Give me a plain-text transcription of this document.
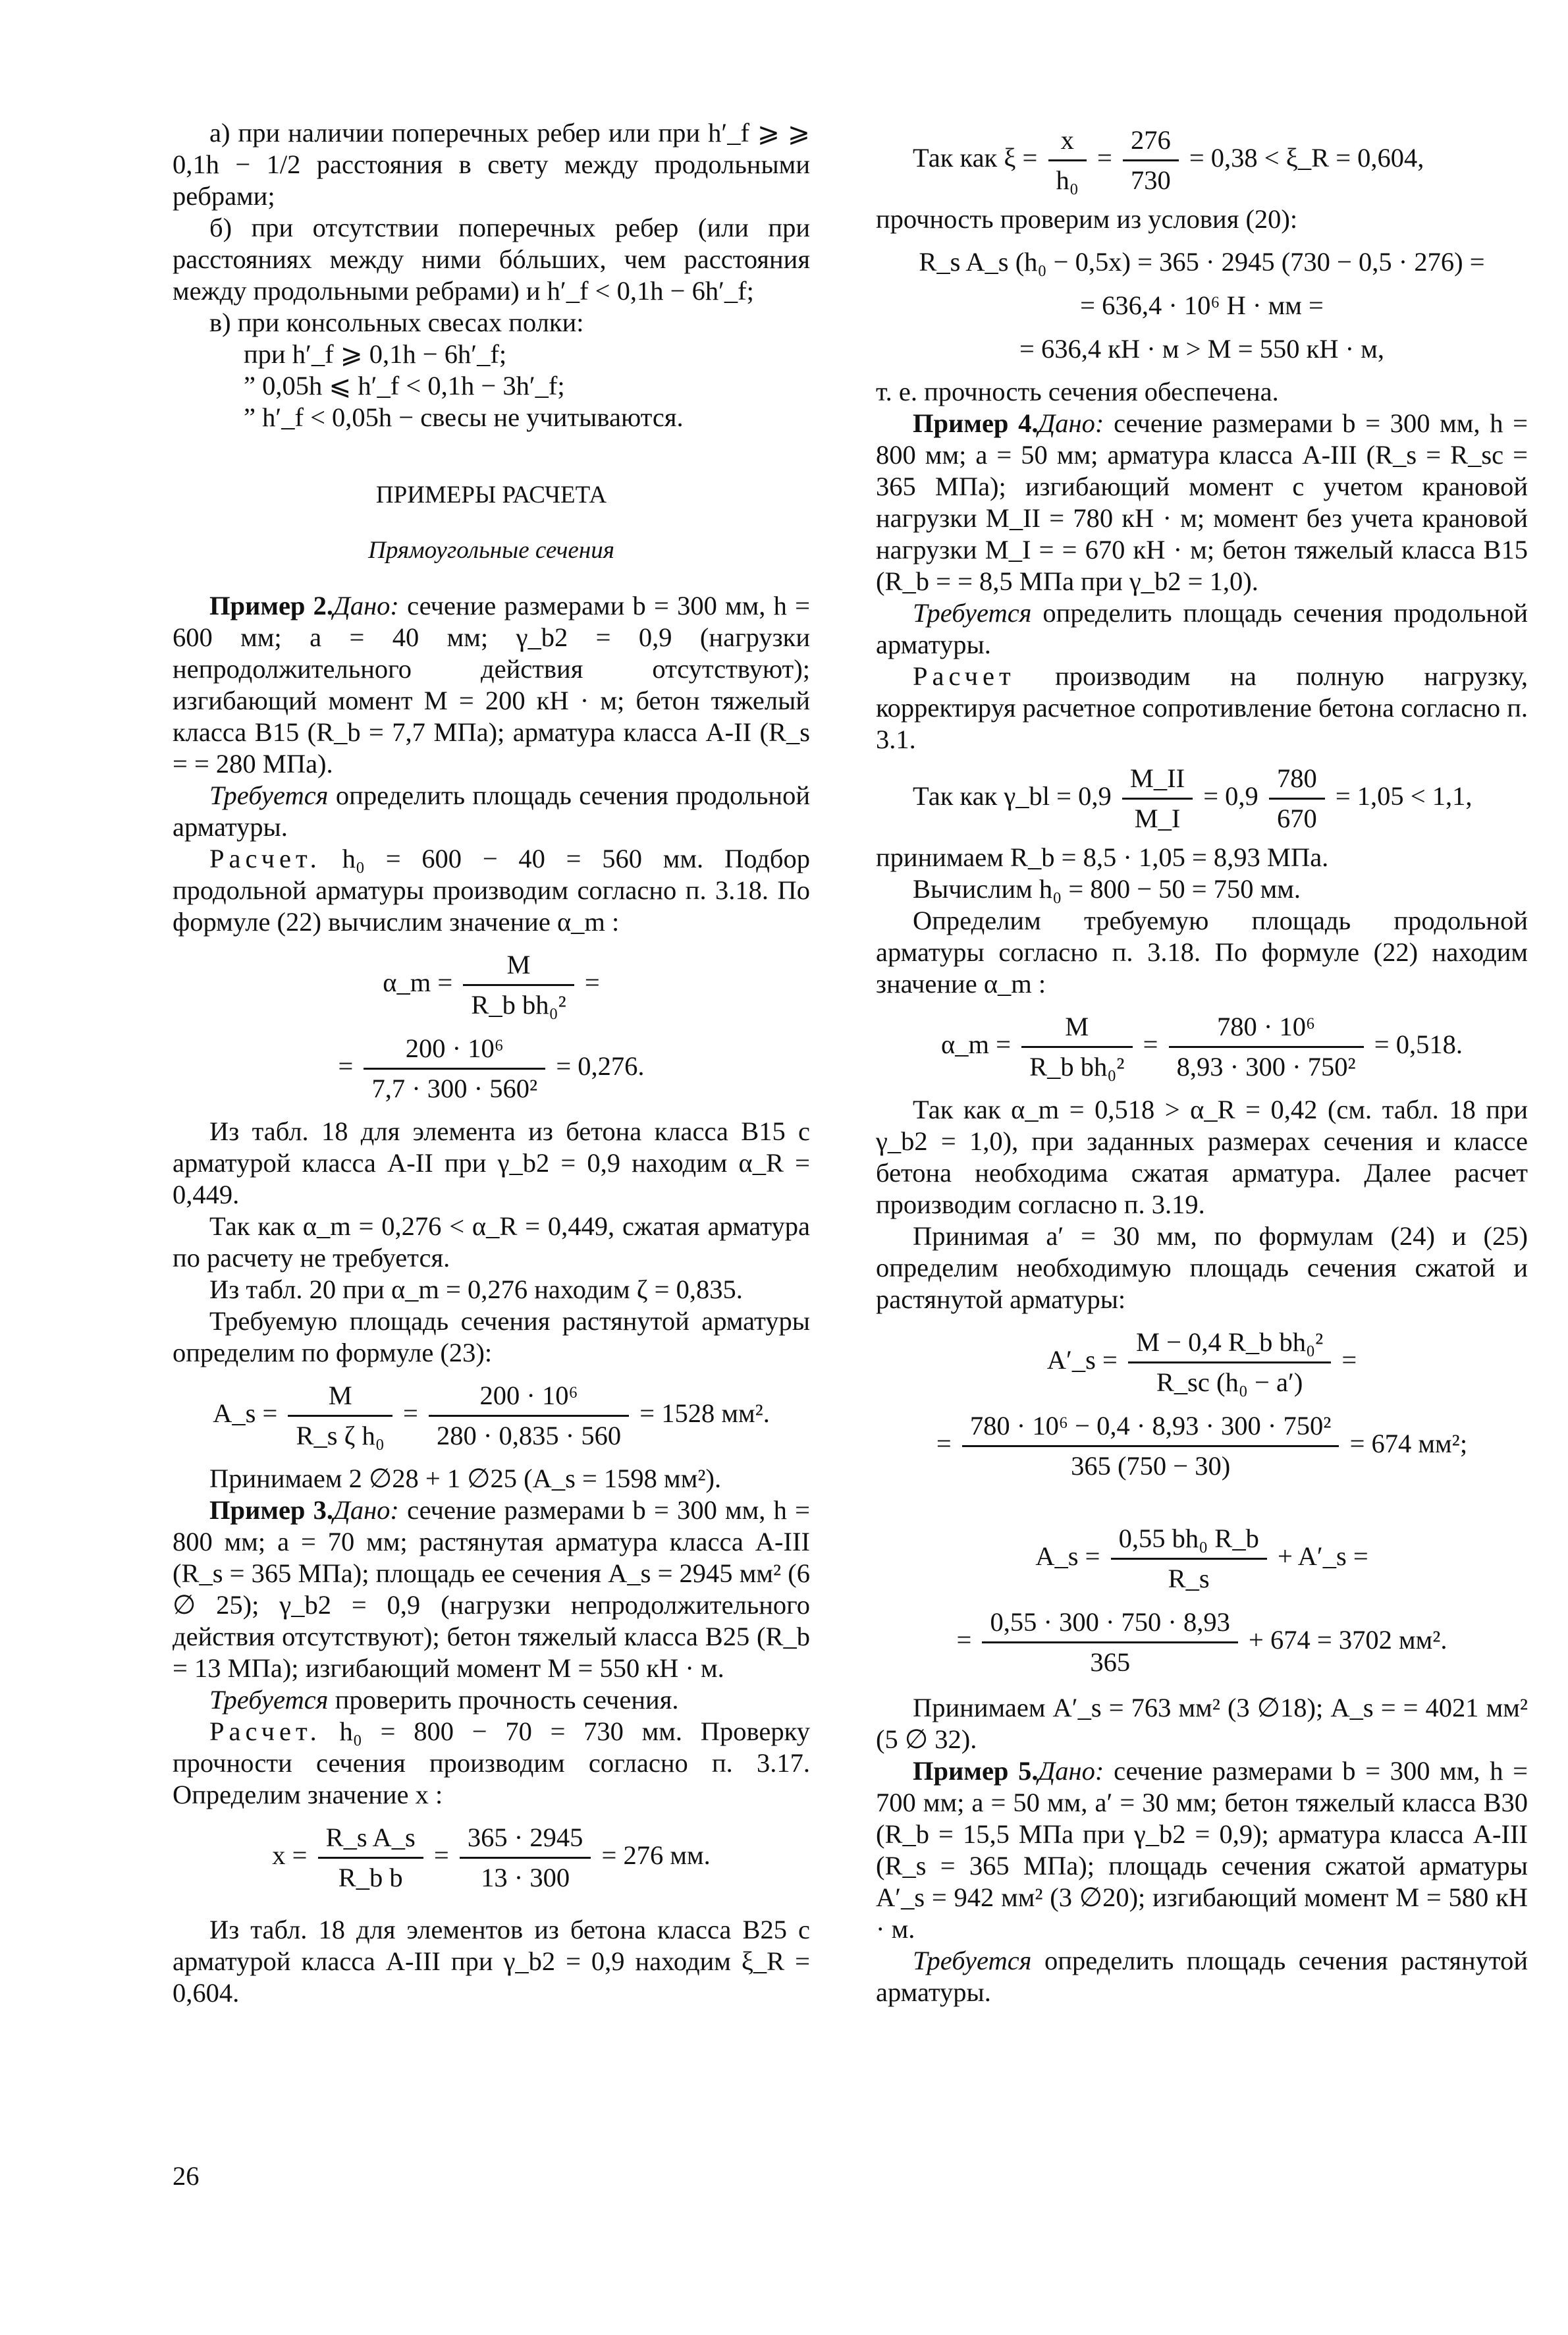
а) при наличии поперечных ребер или при h′_f ⩾ ⩾ 0,1h − 1/2 расстояния в свету между продольными ребрами;

б) при отсутствии поперечных ребер (или при расстояниях между ними бóльших, чем расстояния между продольными ребрами) и h′_f < 0,1h − 6h′_f;

в) при консольных свесах полки:

при h′_f ⩾ 0,1h − 6h′_f;

” 0,05h ⩽ h′_f < 0,1h − 3h′_f;

” h′_f < 0,05h − свесы не учитываются.

ПРИМЕРЫ РАСЧЕТА

Прямоугольные сечения

Пример 2.Дано: сечение размерами b = 300 мм, h = 600 мм; a = 40 мм; γ_b2 = 0,9 (нагрузки непродолжительного действия отсутствуют); изгибающий момент M = 200 кН · м; бетон тяжелый класса B15 (R_b = 7,7 МПа); арматура класса А-II (R_s = = 280 МПа).

Требуется определить площадь сечения продольной арматуры.

Расчет. h₀ = 600 − 40 = 560 мм. Подбор продольной арматуры производим согласно п. 3.18. По формуле (22) вычислим значение α_m :

α_m = $\frac{M}{\text{R\_b bh₀²}}$ =
= $\frac{\text{200 · 10⁶}}{\text{7,7 · 300 · 560²}} = 0,276$.

Из табл. 18 для элемента из бетона класса B15 с арматурой класса А-II при γ_b2 = 0,9 находим α_R = 0,449.

Так как α_m = 0,276 < α_R = 0,449, сжатая арматура по расчету не требуется.

Из табл. 20 при α_m = 0,276 находим ζ = 0,835.

Требуемую площадь сечения растянутой арматуры определим по формуле (23):

A_s = $\frac{M}{\text{R\_s ζ h₀}} = \frac{\text{200 · 10⁶}}{280 \cdot 0,835 \cdot 560} = 1528$ мм².

Принимаем 2 ∅28 + 1 ∅25 (A_s = 1598 мм²).

Пример 3.Дано: сечение размерами b = 300 мм, h = 800 мм; a = 70 мм; растянутая арматура класса А-III (R_s = 365 МПа); площадь ее сечения A_s = 2945 мм² (6 ∅ 25); γ_b2 = 0,9 (нагрузки непродолжительного действия отсутствуют); бетон тяжелый класса B25 (R_b = 13 МПа); изгибающий момент M = 550 кН · м.

Требуется проверить прочность сечения.

Расчет. h₀ = 800 − 70 = 730 мм. Проверку прочности сечения производим согласно п. 3.17. Определим значение x :

$x = \frac{\text{R\_s A\_s}}{\text{R\_b b}} = \frac{365 \cdot 2945}{13 \cdot 300} = 276$ мм.

Из табл. 18 для элементов из бетона класса B25 с арматурой класса А-III при γ_b2 = 0,9 находим ξ_R = 0,604.

Так как $\xi = \frac{x}{\text{h₀}} = \frac{276}{730} = 0,38$ < ξ_R = 0,604,

прочность проверим из условия (20):

R_s A_s (h₀ − 0,5x) = 365 · 2945 (730 − 0,5 · 276) =
= 636,4 · 10⁶ Н · мм =
= 636,4 кН · м > M = 550 кН · м,

т. е. прочность сечения обеспечена.

Пример 4.Дано: сечение размерами b = 300 мм, h = 800 мм; a = 50 мм; арматура класса А-III (R_s = R_sc = 365 МПа); изгибающий момент с учетом крановой нагрузки M_II = 780 кН · м; момент без учета крановой нагрузки M_I = = 670 кН · м; бетон тяжелый класса B15 (R_b = = 8,5 МПа при γ_b2 = 1,0).

Требуется определить площадь сечения продольной арматуры.

Расчет производим на полную нагрузку, корректируя расчетное сопротивление бетона согласно п. 3.1.

Так как γ_bl = $0,9 \frac{M\_II}{M\_I} = 0,9 \frac{780}{670} = 1,05 < 1,1$,

принимаем R_b = 8,5 · 1,05 = 8,93 МПа.

Вычислим h₀ = 800 − 50 = 750 мм.

Определим требуемую площадь продольной арматуры согласно п. 3.18. По формуле (22) находим значение α_m :

α_m = $\frac{M}{\text{R\_b bh₀²}} = \frac{\text{780 · 10⁶}}{\text{8,93 · 300 · 750²}} = 0,518$.

Так как α_m = 0,518 > α_R = 0,42 (см. табл. 18 при γ_b2 = 1,0), при заданных размерах сечения и классе бетона необходима сжатая арматура. Далее расчет производим согласно п. 3.19.

Принимая a′ = 30 мм, по формулам (24) и (25) определим необходимую площадь сечения сжатой и растянутой арматуры:

A′_s = $\frac{\text{M − 0,4 R\_b bh₀²}}{\text{R\_sc (h₀ − a′)}}$ =
= $\frac{\text{780 · 10⁶ − 0,4 · 8,93 · 300 · 750²}}{365 (750 - 30)} = 674$ мм²;
A_s = $\frac{\text{0,55 bh₀ R\_b}}{R\_s}$ + A′_s =
= $\frac{0,55 \cdot 300 \cdot 750 \cdot 8,93}{365} + 674 = 3702$ мм².

Принимаем A′_s = 763 мм² (3 ∅18); A_s = = 4021 мм² (5 ∅ 32).

Пример 5.Дано: сечение размерами b = 300 мм, h = 700 мм; a = 50 мм, a′ = 30 мм; бетон тяжелый класса B30 (R_b = 15,5 МПа при γ_b2 = 0,9); арматура класса А-III (R_s = 365 МПа); площадь сечения сжатой арматуры A′_s = 942 мм² (3 ∅20); изгибающий момент M = 580 кН · м.

Требуется определить площадь сечения растянутой арматуры.

26
